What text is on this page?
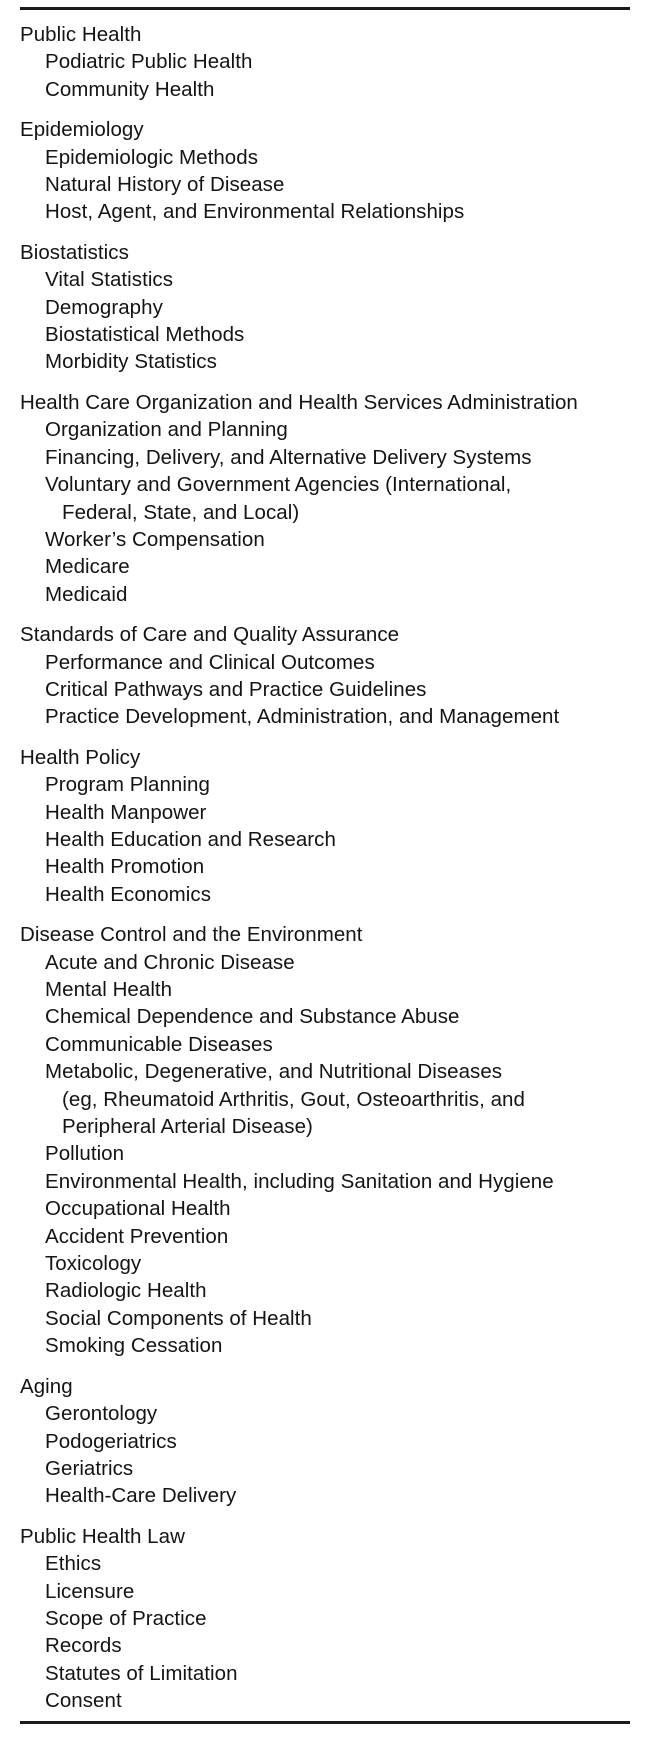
Public Health
Podiatric Public Health
Community Health
Epidemiology
Epidemiologic Methods
Natural History of Disease
Host, Agent, and Environmental Relationships
Biostatistics
Vital Statistics
Demography
Biostatistical Methods
Morbidity Statistics
Health Care Organization and Health Services Administration
Organization and Planning
Financing, Delivery, and Alternative Delivery Systems
Voluntary and Government Agencies (International,
Federal, State, and Local)
Worker’s Compensation
Medicare
Medicaid
Standards of Care and Quality Assurance
Performance and Clinical Outcomes
Critical Pathways and Practice Guidelines
Practice Development, Administration, and Management
Health Policy
Program Planning
Health Manpower
Health Education and Research
Health Promotion
Health Economics
Disease Control and the Environment
Acute and Chronic Disease
Mental Health
Chemical Dependence and Substance Abuse
Communicable Diseases
Metabolic, Degenerative, and Nutritional Diseases
(eg, Rheumatoid Arthritis, Gout, Osteoarthritis, and
Peripheral Arterial Disease)
Pollution
Environmental Health, including Sanitation and Hygiene
Occupational Health
Accident Prevention
Toxicology
Radiologic Health
Social Components of Health
Smoking Cessation
Aging
Gerontology
Podogeriatrics
Geriatrics
Health-Care Delivery
Public Health Law
Ethics
Licensure
Scope of Practice
Records
Statutes of Limitation
Consent
